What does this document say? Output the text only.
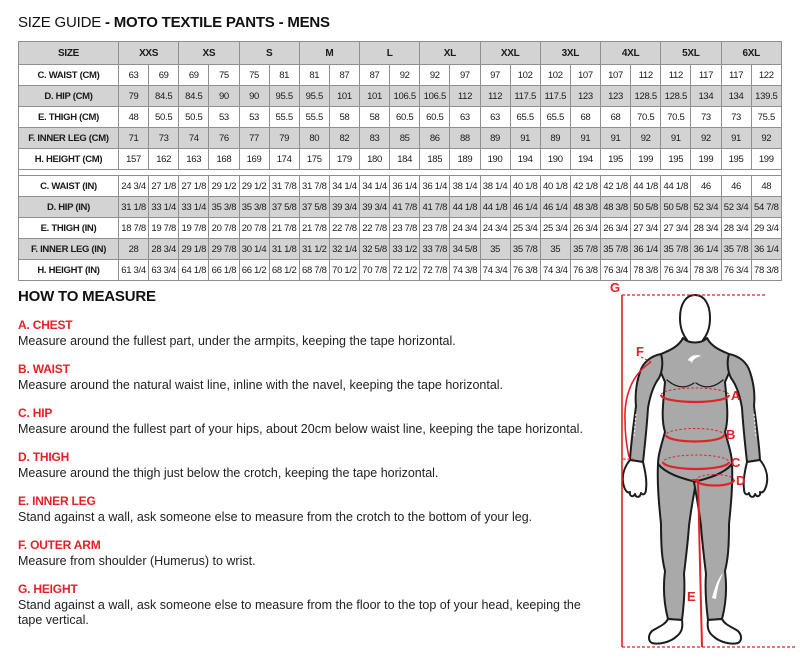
SIZE GUIDE - MOTO TEXTILE PANTS - MENS
SIZE	XXS		XS		S		M		L		XL		XXL		3XL		4XL		5XL		6XL	
C. WAIST (CM)	63	69	69	75	75	81	81	87	87	92	92	97	97	102	102	107	107	112	112	117	117	122
D. HIP (CM)	79	84.5	84.5	90	90	95.5	95.5	101	101	106.5	106.5	112	112	117.5	117.5	123	123	128.5	128.5	134	134	139.5
E. THIGH (CM)	48	50.5	50.5	53	53	55.5	55.5	58	58	60.5	60.5	63	63	65.5	65.5	68	68	70.5	70.5	73	73	75.5
F. INNER LEG (CM)	71	73	74	76	77	79	80	82	83	85	86	88	89	91	89	91	91	92	91	92	91	92
H. HEIGHT (CM)	157	162	163	168	169	174	175	179	180	184	185	189	190	194	190	194	195	199	195	199	195	199

C. WAIST (IN)	24 3/4	27 1/8	27 1/8	29 1/2	29 1/2	31 7/8	31 7/8	34 1/4	34 1/4	36 1/4	36 1/4	38 1/4	38 1/4	40 1/8	40 1/8	42 1/8	42 1/8	44 1/8	44 1/8	46	46	48
D. HIP (IN)	31 1/8	33 1/4	33 1/4	35 3/8	35 3/8	37 5/8	37 5/8	39 3/4	39 3/4	41 7/8	41 7/8	44 1/8	44 1/8	46 1/4	46 1/4	48 3/8	48 3/8	50 5/8	50 5/8	52 3/4	52 3/4	54 7/8
E. THIGH (IN)	18 7/8	19 7/8	19 7/8	20 7/8	20 7/8	21 7/8	21 7/8	22 7/8	22 7/8	23 7/8	23 7/8	24 3/4	24 3/4	25 3/4	25 3/4	26 3/4	26 3/4	27 3/4	27 3/4	28 3/4	28 3/4	29 3/4
F. INNER LEG (IN)	28	28 3/4	29 1/8	29 7/8	30 1/4	31 1/8	31 1/2	32 1/4	32 5/8	33 1/2	33 7/8	34 5/8	35	35 7/8	35	35 7/8	35 7/8	36 1/4	35 7/8	36 1/4	35 7/8	36 1/4
H. HEIGHT (IN)	61 3/4	63 3/4	64 1/8	66 1/8	66 1/2	68 1/2	68 7/8	70 1/2	70 7/8	72 1/2	72 7/8	74 3/8	74 3/4	76 3/8	74 3/4	76 3/8	76 3/4	78 3/8	76 3/4	78 3/8	76 3/4	78 3/8
HOW TO MEASURE
A. CHEST
Measure around the fullest part, under the armpits, keeping the tape horizontal.
B. WAIST
Measure around the natural waist line, inline with the navel, keeping the tape horizontal.
C. HIP
Measure around the fullest part of your hips, about 20cm below waist line, keeping the tape horizontal.
D. THIGH
Measure around the thigh just below the crotch, keeping the tape horizontal.
E. INNER LEG
Stand against a wall, ask someone else to measure from the crotch to the bottom of your leg.
F. OUTER ARM
Measure from shoulder (Humerus) to wrist.
G. HEIGHT
Stand against a wall, ask someone else to measure from the floor to the top of your head, keeping the tape vertical.
A
B
C
D
E
F
G
